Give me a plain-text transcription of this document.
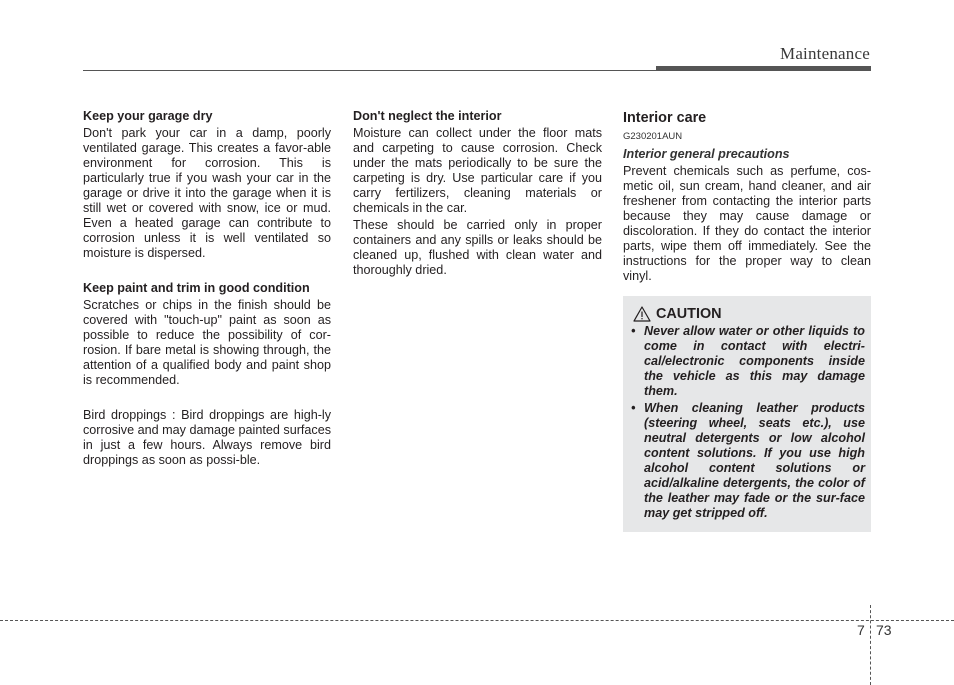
Maintenance

Keep your garage dry

Don't park your car in a damp, poorly ventilated garage. This creates a favor-able environment for corrosion. This is particularly true if you wash your car in the garage or drive it into the garage when it is still wet or covered with snow, ice or mud. Even a heated garage can contribute to corrosion unless it is well ventilated so moisture is dispersed.

Keep paint and trim in good condition

Scratches or chips in the finish should be covered with "touch-up" paint as soon as possible to reduce the possibility of cor-rosion. If bare metal is showing through, the attention of a qualified body and paint shop is recommended.

Bird droppings : Bird droppings are high-ly corrosive and may damage painted surfaces in just a few hours. Always remove bird droppings as soon as possi-ble.

Don't neglect the interior

Moisture can collect under the floor mats and carpeting to cause corrosion. Check under the mats periodically to be sure the carpeting is dry. Use particular care if you carry fertilizers, cleaning materials or chemicals in the car.

These should be carried only in proper containers and any spills or leaks should be cleaned up, flushed with clean water and thoroughly dried.

Interior care

G230201AUN

Interior general precautions

Prevent chemicals such as perfume, cos-metic oil, sun cream, hand cleaner, and air freshener from contacting the interior parts because they may cause damage or discoloration. If they do contact the interior parts, wipe them off immediately. See the instructions for the proper way to clean vinyl.

CAUTION
• Never allow water or other liquids to come in contact with electri-cal/electronic components inside the vehicle as this may damage them.
• When cleaning leather products (steering wheel, seats etc.), use neutral detergents or low alcohol content solutions. If you use high alcohol content solutions or acid/alkaline detergents, the color of the leather may fade or the sur-face may get stripped off.
7 73
